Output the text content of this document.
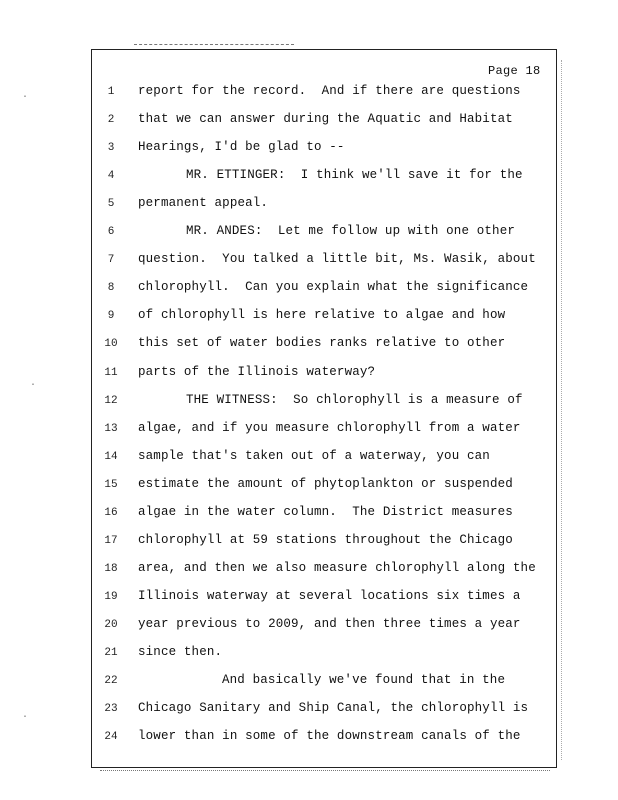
·
·
·
Page 18
1	report for the record.  And if there are questions
2	that we can answer during the Aquatic and Habitat
3	Hearings, I'd be glad to --
4	MR. ETTINGER:  I think we'll save it for the
5	permanent appeal.
6	MR. ANDES:  Let me follow up with one other
7	question.  You talked a little bit, Ms. Wasik, about
8	chlorophyll.  Can you explain what the significance
9	of chlorophyll is here relative to algae and how
10	this set of water bodies ranks relative to other
11	parts of the Illinois waterway?
12	THE WITNESS:  So chlorophyll is a measure of
13	algae, and if you measure chlorophyll from a water
14	sample that's taken out of a waterway, you can
15	estimate the amount of phytoplankton or suspended
16	algae in the water column.  The District measures
17	chlorophyll at 59 stations throughout the Chicago
18	area, and then we also measure chlorophyll along the
19	Illinois waterway at several locations six times a
20	year previous to 2009, and then three times a year
21	since then.
22	And basically we've found that in the
23	Chicago Sanitary and Ship Canal, the chlorophyll is
24	lower than in some of the downstream canals of the
